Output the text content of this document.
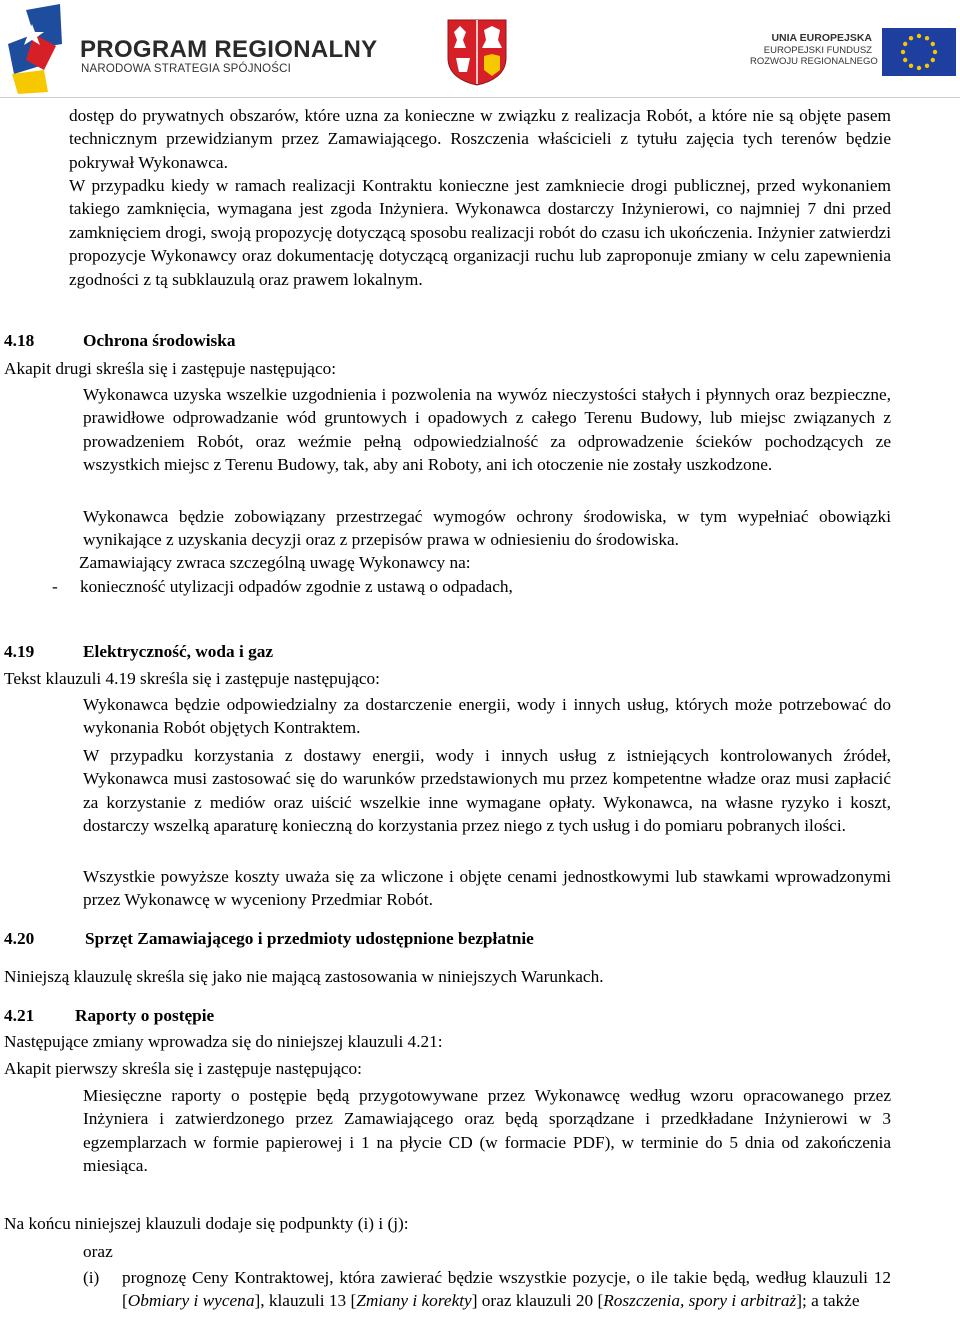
PROGRAM REGIONALNY
NARODOWA STRATEGIA SPÓJNOŚCI
UNIA EUROPEJSKA
EUROPEJSKI FUNDUSZ
ROZWOJU REGIONALNEGO

dostęp do prywatnych obszarów, które uzna za konieczne w związku z realizacja Robót, a które nie są objęte pasem technicznym przewidzianym przez Zamawiającego. Roszczenia właścicieli z tytułu zajęcia tych terenów będzie pokrywał Wykonawca.

W przypadku kiedy w ramach realizacji Kontraktu konieczne jest zamkniecie drogi publicznej, przed wykonaniem takiego zamknięcia, wymagana jest zgoda Inżyniera. Wykonawca dostarczy Inżynierowi, co najmniej 7 dni przed zamknięciem drogi, swoją propozycję dotyczącą sposobu realizacji robót do czasu ich ukończenia. Inżynier zatwierdzi propozycje Wykonawcy oraz dokumentację dotyczącą organizacji ruchu lub zaproponuje zmiany w celu zapewnienia zgodności z tą subklauzulą oraz prawem lokalnym.

4.18	Ochrona środowiska

Akapit drugi skreśla się i zastępuje następująco:

Wykonawca uzyska wszelkie uzgodnienia i pozwolenia na wywóz nieczystości stałych i płynnych oraz bezpieczne, prawidłowe odprowadzanie wód gruntowych i opadowych z całego Terenu Budowy, lub miejsc związanych z prowadzeniem Robót, oraz weźmie pełną odpowiedzialność za odprowadzenie ścieków pochodzących ze wszystkich miejsc z Terenu Budowy, tak, aby ani Roboty, ani ich otoczenie nie zostały uszkodzone.

Wykonawca będzie zobowiązany przestrzegać wymogów ochrony środowiska, w tym wypełniać obowiązki wynikające z uzyskania decyzji oraz z przepisów prawa w odniesieniu do środowiska.

Zamawiający zwraca szczególną uwagę Wykonawcy na:

- konieczność utylizacji odpadów zgodnie z ustawą o odpadach,
4.19	Elektryczność, woda i gaz

Tekst klauzuli 4.19 skreśla się i zastępuje następująco:

Wykonawca będzie odpowiedzialny za dostarczenie energii, wody i innych usług, których może potrzebować do wykonania Robót objętych Kontraktem.

W przypadku korzystania z dostawy energii, wody i innych usług z istniejących kontrolowanych źródeł, Wykonawca musi zastosować się do warunków przedstawionych mu przez kompetentne władze oraz musi zapłacić za korzystanie z mediów oraz uiścić wszelkie inne wymagane opłaty. Wykonawca, na własne ryzyko i koszt, dostarczy wszelką aparaturę konieczną do korzystania przez niego z tych usług i do pomiaru pobranych ilości.

Wszystkie powyższe koszty uważa się za wliczone i objęte cenami jednostkowymi lub stawkami wprowadzonymi przez Wykonawcę w wyceniony Przedmiar Robót.

4.20	Sprzęt Zamawiającego i przedmioty udostępnione bezpłatnie

Niniejszą klauzulę skreśla się jako nie mającą zastosowania w niniejszych Warunkach.

4.21 Raporty o postępie

Następujące zmiany wprowadza się do niniejszej klauzuli 4.21:

Akapit pierwszy skreśla się i zastępuje następująco:

Miesięczne raporty o postępie będą przygotowywane przez Wykonawcę według wzoru opracowanego przez Inżyniera i zatwierdzonego przez Zamawiającego oraz będą sporządzane i przedkładane Inżynierowi w 3 egzemplarzach w formie papierowej i 1 na płycie CD (w formacie PDF), w terminie do 5 dnia od zakończenia miesiąca.

Na końcu niniejszej klauzuli dodaje się podpunkty (i) i (j):

oraz

(i) prognozę Ceny Kontraktowej, która zawierać będzie wszystkie pozycje, o ile takie będą, według klauzuli 12 [Obmiary i wycena], klauzuli 13 [Zmiany i korekty] oraz klauzuli 20 [Roszczenia, spory i arbitraż]; a także
